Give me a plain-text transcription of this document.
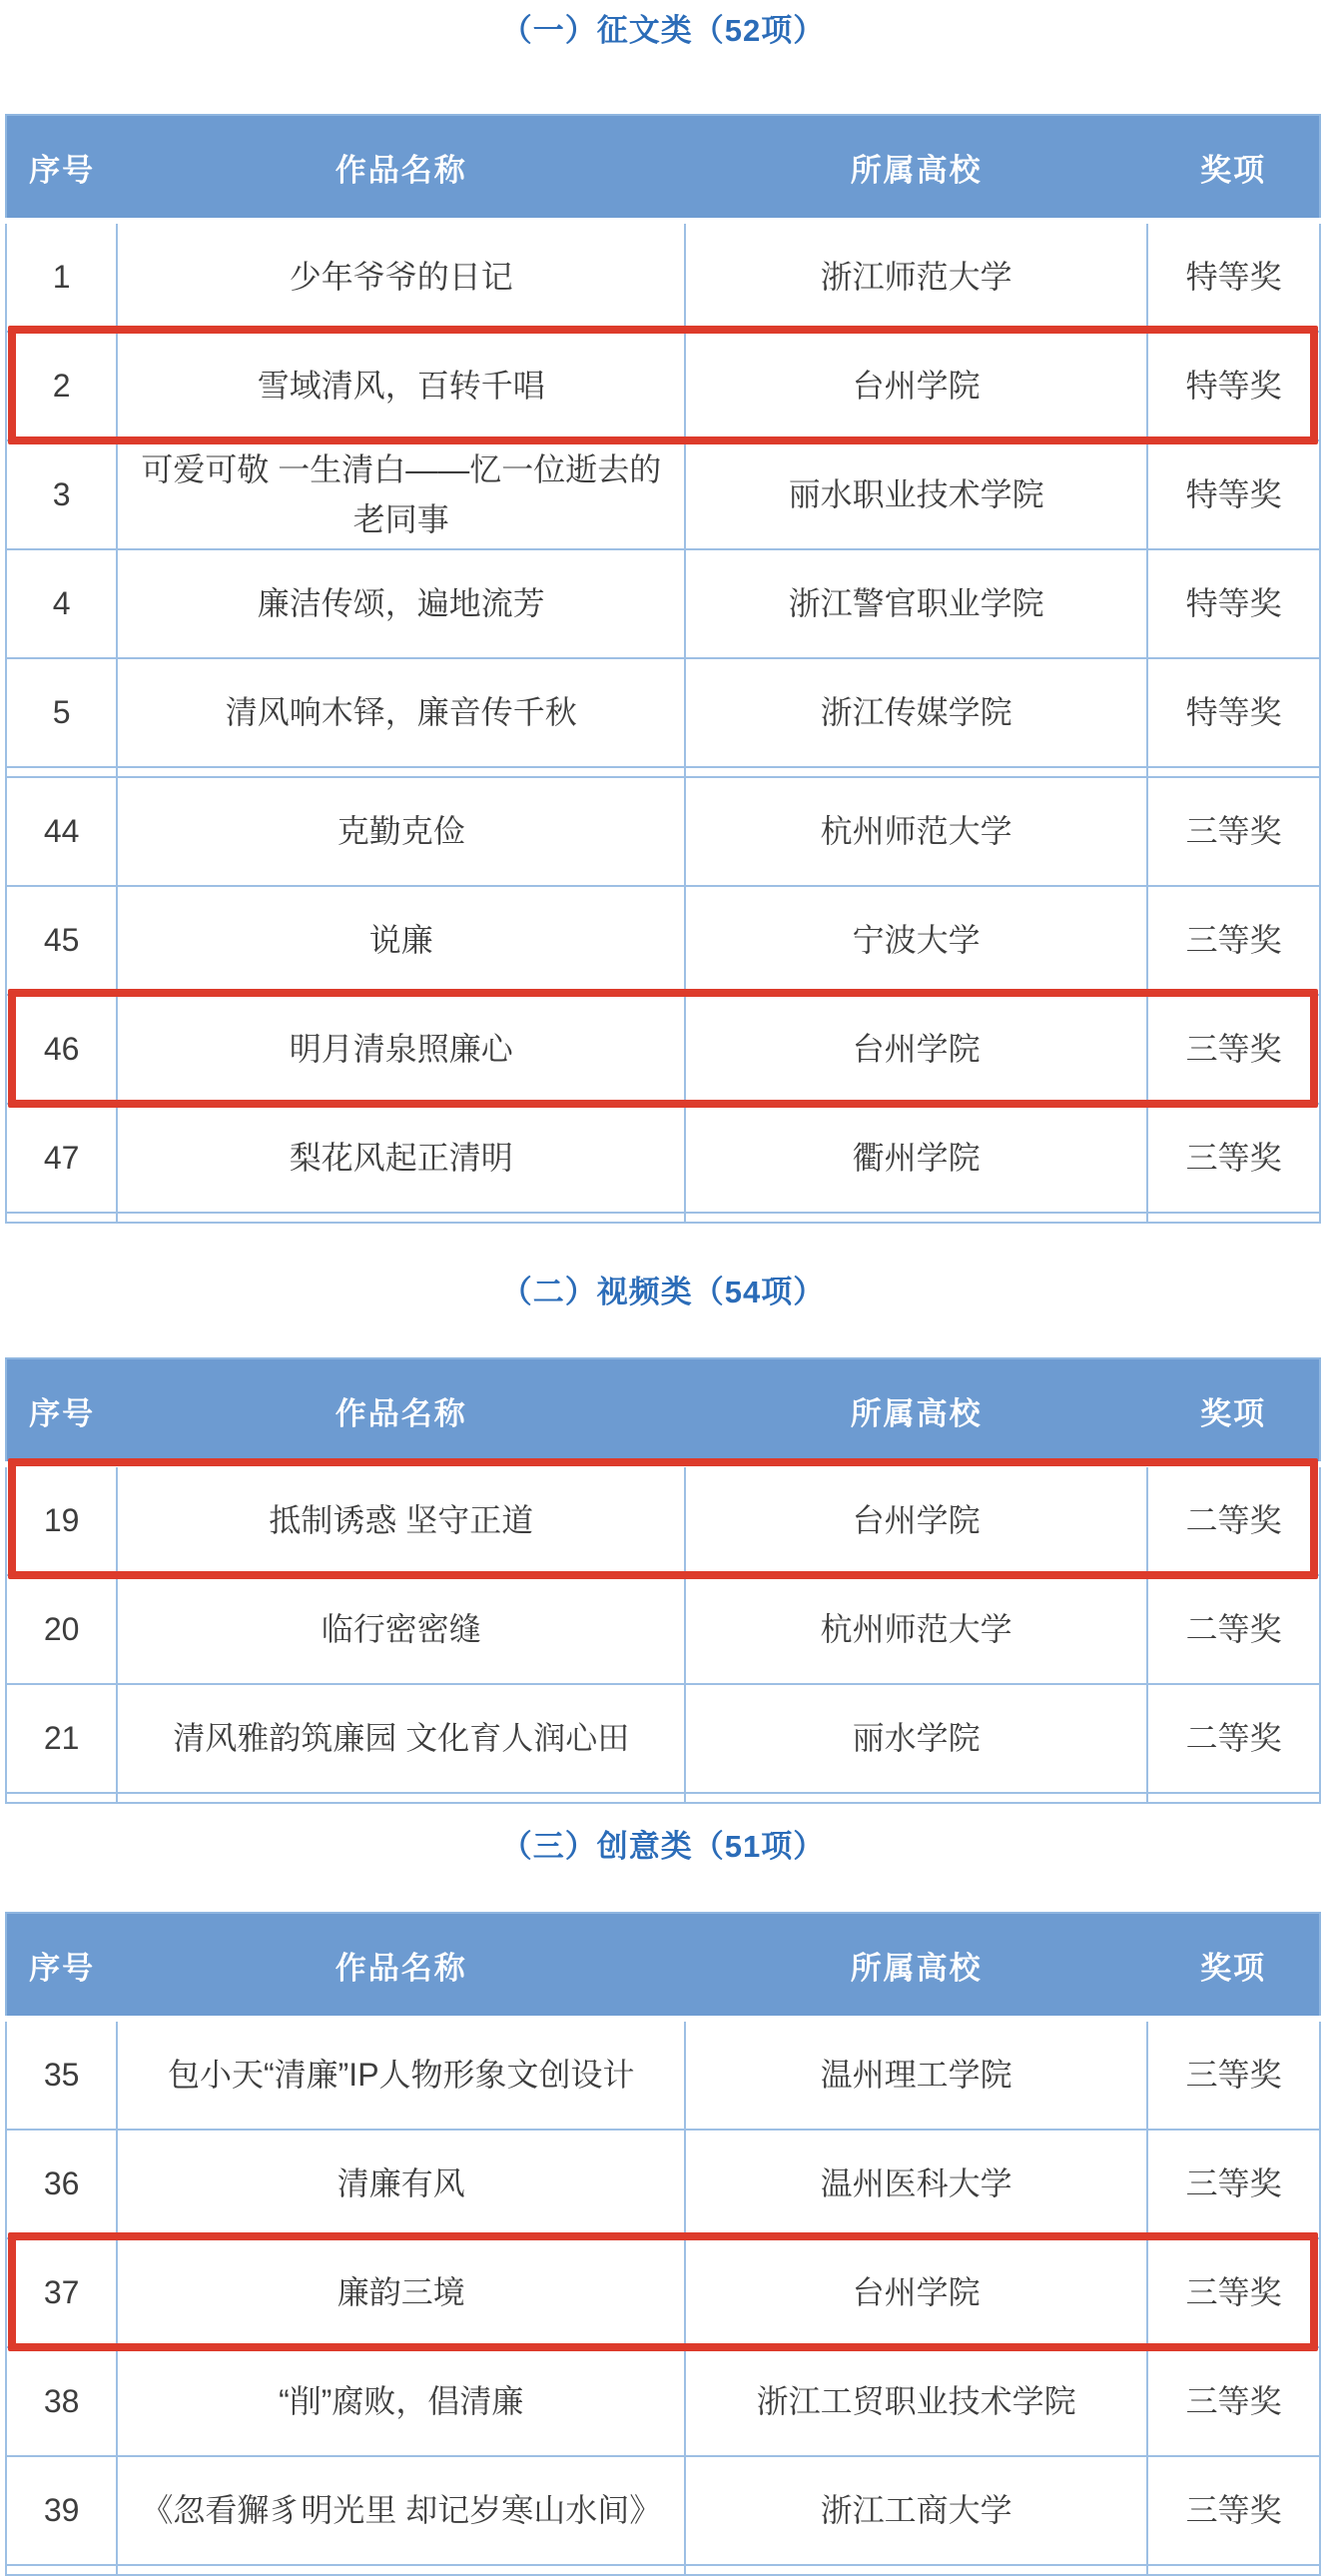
（一）征文类（52项）
序号	作品名称	所属高校	奖项
1	少年爷爷的日记	浙江师范大学	特等奖
2	雪域清风，百转千唱	台州学院	特等奖
3	可爱可敬 一生清白——忆一位逝去的老同事	丽水职业技术学院	特等奖
4	廉洁传颂，遍地流芳	浙江警官职业学院	特等奖
5	清风响木铎，廉音传千秋	浙江传媒学院	特等奖

44	克勤克俭	杭州师范大学	三等奖
45	说廉	宁波大学	三等奖
46	明月清泉照廉心	台州学院	三等奖
47	梨花风起正清明	衢州学院	三等奖

（二）视频类（54项）
序号	作品名称	所属高校	奖项
19	抵制诱惑 坚守正道	台州学院	二等奖
20	临行密密缝	杭州师范大学	二等奖
21	清风雅韵筑廉园 文化育人润心田	丽水学院	二等奖

（三）创意类（51项）
序号	作品名称	所属高校	奖项
35	包小天“清廉”IP人物形象文创设计	温州理工学院	三等奖
36	清廉有风	温州医科大学	三等奖
37	廉韵三境	台州学院	三等奖
38	“削”腐败，倡清廉	浙江工贸职业技术学院	三等奖
39	《忽看獬豸明光里 却记岁寒山水间》	浙江工商大学	三等奖
